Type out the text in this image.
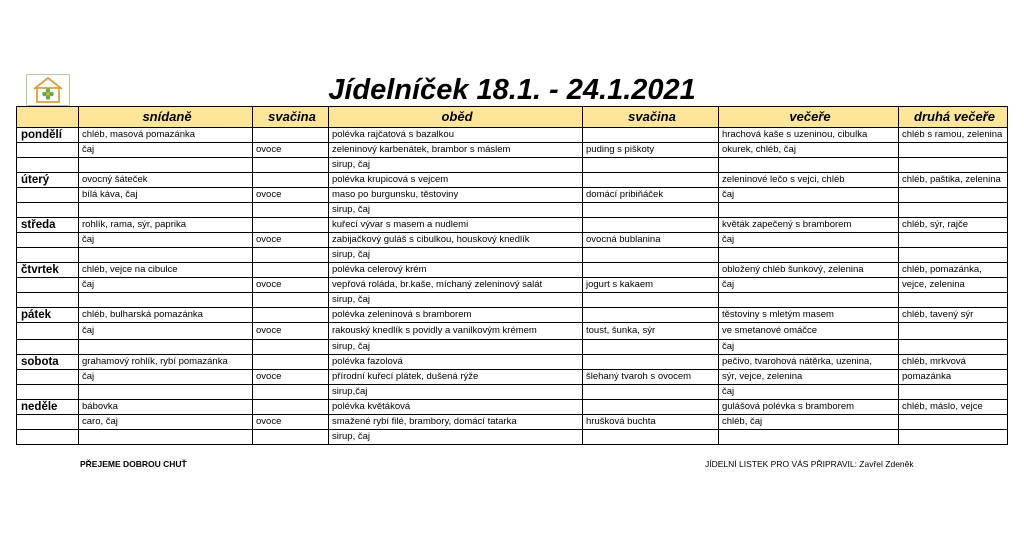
Jídelníček 18.1. - 24.1.2021
	snídaně	svačina	oběd	svačina	večeře	druhá večeře
pondělí	chléb, masová pomazánka		polévka rajčatová s bazalkou		hrachová kaše s uzeninou, cibulka	chléb s ramou, zelenina
	čaj	ovoce	zeleninový karbenátek, brambor s máslem	puding s piškoty	okurek, chléb, čaj	
			sirup, čaj			
úterý	ovocný šáteček		polévka krupicová s vejcem		zeleninové lečo s vejci, chléb	chléb, paštika, zelenina
	bílá káva, čaj	ovoce	maso po burgunsku, těstoviny	domácí pribiňáček	čaj	
			sirup, čaj			
středa	rohlík, rama, sýr, paprika		kuřecí vývar s masem a nudlemi		květák zapečený s bramborem	chléb, sýr, rajče
	čaj	ovoce	zabijačkový guláš s cibulkou, houskový knedlík	ovocná bublanina	čaj	
			sirup, čaj			
čtvrtek	chléb, vejce na cibulce		polévka celerový krém		obložený chléb šunkový, zelenina	chléb, pomazánka,
	čaj	ovoce	vepřová roláda, br.kaše, míchaný zeleninový salát	jogurt s kakaem	čaj	vejce, zelenina
			sirup, čaj			
pátek	chléb, bulharská pomazánka		polévka zeleninová s bramborem		těstoviny s mletým masem	chléb, tavený sýr
	čaj	ovoce	rakouský knedlík s povidly a vanilkovým krémem	toust, šunka, sýr	ve smetanové omáčce	
			sirup, čaj		čaj	
sobota	grahamový rohlík, rybí pomazánka		polévka fazolová		pečivo, tvarohová nátěrka, uzenina,	chléb, mrkvová
	čaj	ovoce	přírodní kuřecí plátek, dušená rýže	šlehaný tvaroh s ovocem	sýr, vejce, zelenina	pomazánka
			sirup,čaj		čaj	
neděle	bábovka		polévka květáková		gulášová polévka s bramborem	chléb, máslo, vejce
	caro, čaj	ovoce	smažené rybí filé, brambory, domácí tatarka	hrušková buchta	chléb, čaj	
			sirup, čaj			
PŘEJEME DOBROU CHUŤ	JÍDELNÍ LISTEK PRO VÁS PŘIPRAVIL: Zavřel Zdeněk
